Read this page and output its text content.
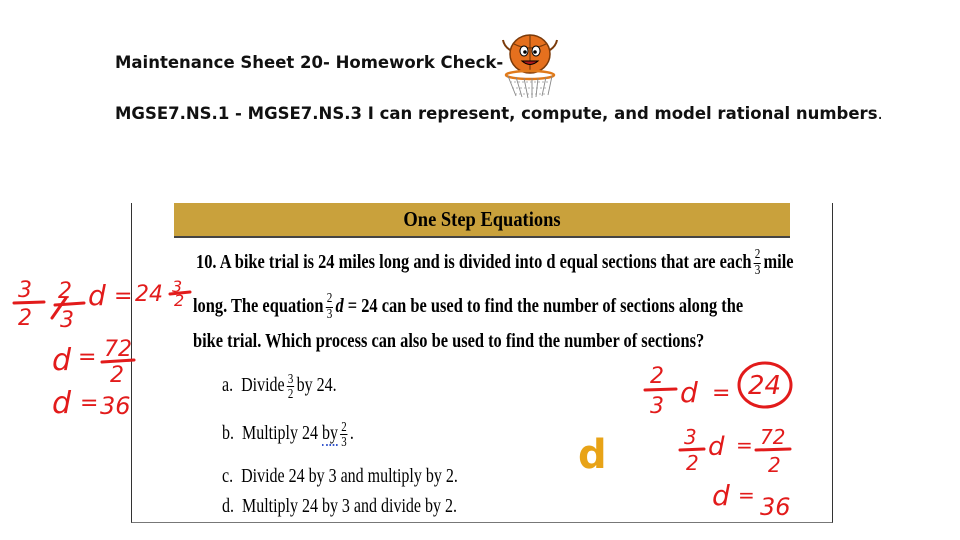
Maintenance Sheet 20- Homework Check-
MGSE7.NS.1 - MGSE7.NS.3 I can represent, compute, and model rational numbers.
One Step Equations
10. A bike trial is 24 miles long and is divided into d equal sections that are each $\frac{2}{3}$ mile
long. The equation $\frac{2}{3}$ d = 24 can be used to find the number of sections along the
bike trial. Which process can also be used to find the number of sections?
a. Divide $\frac{3}{2}$ by 24.
b. Multiply 24 by $\frac{2}{3}$ .
c. Divide 24 by 3 and multiply by 2.
d. Multiply 24 by 3 and divide by 2.
d
3
2
2
3
d = 24 3
2
d = 72
2
d = 36
2
3 d = 24
3
2
d = 72
2
d = 36
